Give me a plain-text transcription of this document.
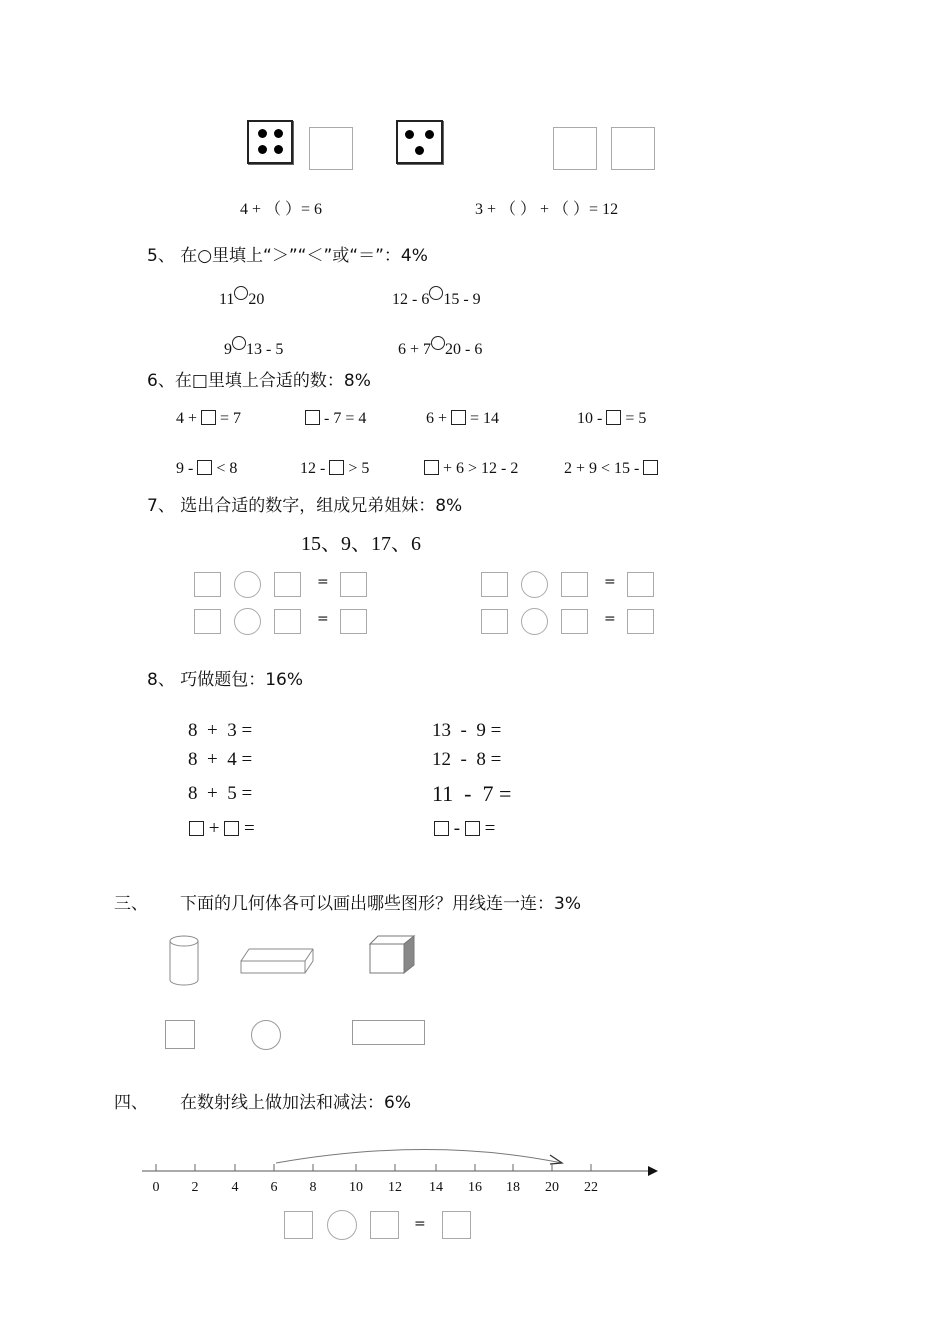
4 + （ ）= 6	3 + （ ） + （ ）= 12
5、 在○里填上“＞”“＜”或“＝”：4%
11 20	12 - 6 15 - 9
9 13 - 5	6 + 7 20 - 6
6、在□里填上合适的数：8%
4 + = 7	- 7 = 4	6 + = 14	10 - = 5
9 - < 8	12 - > 5	+ 6 > 12 - 2	2 + 9 < 15 -
7、 选出合适的数字，组成兄弟姐妹：8%
15、9、17、6
=
=
=
=
8、 巧做题包：16%
8  +  3 =
8  +  4 =
8  +  5 =
+ =
13  -  9 =
12  -  8 =
11  -  7 =
- =
三、 下面的几何体各可以画出哪些图形？用线连一连：3%
四、 在数射线上做加法和减法：6%
0 2 4 6 8 10 12 14 16 18 20 22
=
